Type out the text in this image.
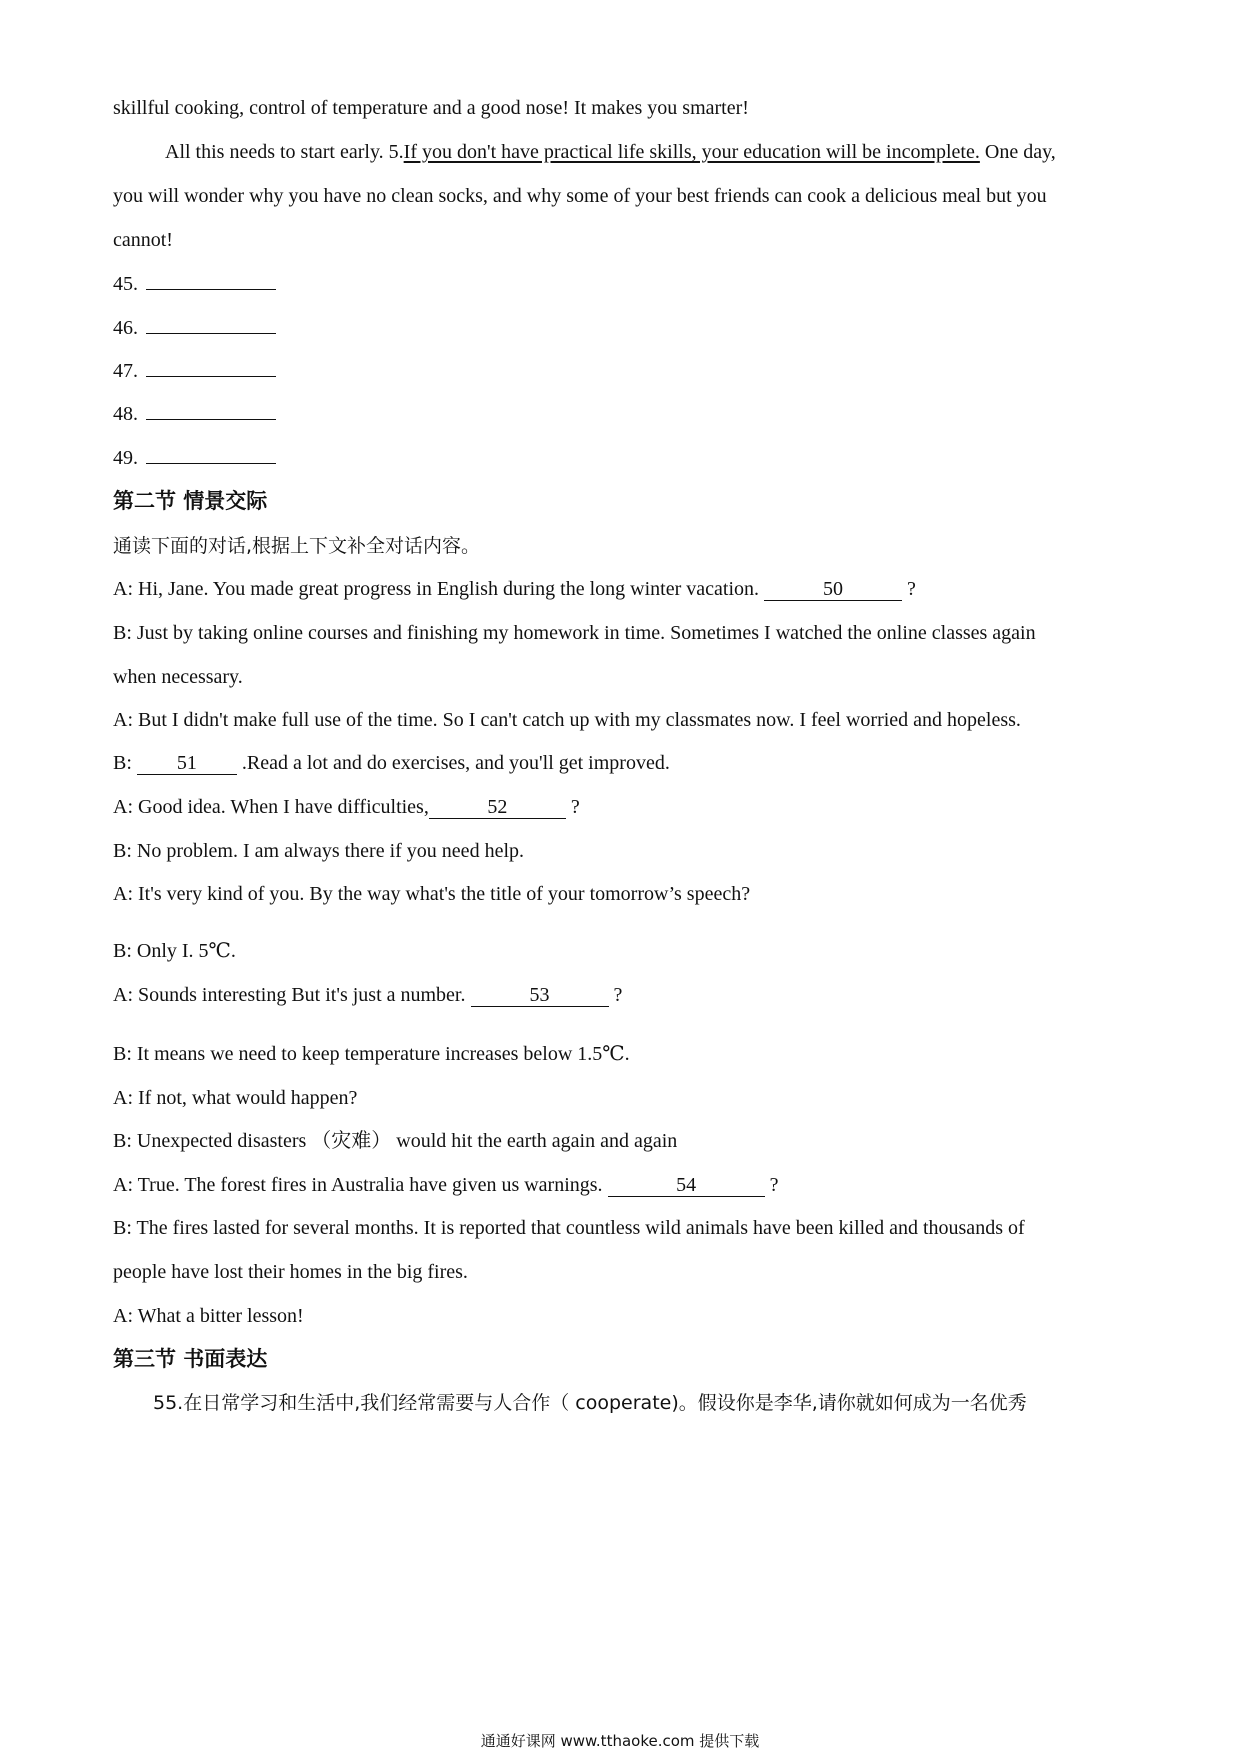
skillful cooking, control of temperature and a good nose! It makes you smarter!
All this needs to start early. 5.If you don't have practical life skills, your education will be incomplete. One day,
you will wonder why you have no clean socks, and why some of your best friends can cook a delicious meal but you
cannot!
45.
46.
47.
48.
49.
第二节 情景交际
通读下面的对话,根据上下文补全对话内容。
A: Hi, Jane. You made great progress in English during the long winter vacation.	50	?
B: Just by taking online courses and finishing my homework in time. Sometimes I watched the online classes again
when necessary.
A: But I didn't make full use of the time. So I can't catch up with my classmates now. I feel worried and hopeless.
B: 51 .Read a lot and do exercises, and you'll get improved.
A: Good idea. When I have difficulties,	52	?
B: No problem. I am always there if you need help.
A: It's very kind of you. By the way what's the title of your tomorrow’s speech?
B: Only I. 5℃.
A: Sounds interesting But it's just a number.	53	?
B: It means we need to keep temperature increases below 1.5℃.
A: If not, what would happen?
B: Unexpected disasters （灾难） would hit the earth again and again
A: True. The forest fires in Australia have given us warnings.	54	?
B: The fires lasted for several months. It is reported that countless wild animals have been killed and thousands of
people have lost their homes in the big fires.
A: What a bitter lesson!
第三节 书面表达
55.在日常学习和生活中,我们经常需要与人合作（ cooperate)。假设你是李华,请你就如何成为一名优秀
通通好课网 www.tthaoke.com 提供下载
